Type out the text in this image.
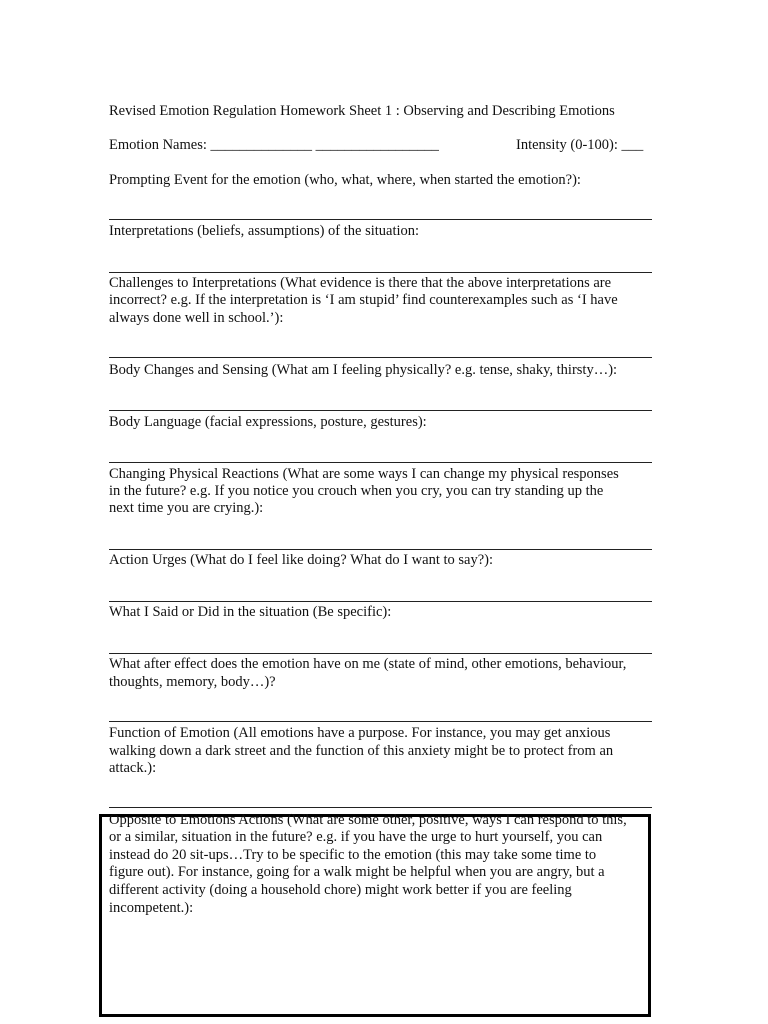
Revised Emotion Regulation Homework Sheet 1 : Observing and Describing Emotions
Emotion Names: ______________ _________________	Intensity (0-100): ___
Prompting Event for the emotion (who, what, where, when started the emotion?):
Interpretations (beliefs, assumptions) of the situation:
Challenges to Interpretations (What evidence is there that the above interpretations are
incorrect? e.g. If the interpretation is ‘I am stupid’ find counterexamples such as ‘I have
always done well in school.’):
Body Changes and Sensing (What am I feeling physically? e.g. tense, shaky, thirsty…):
Body Language (facial expressions, posture, gestures):
Changing Physical Reactions (What are some ways I can change my physical responses
in the future? e.g. If you notice you crouch when you cry, you can try standing up the
next time you are crying.):
Action Urges (What do I feel like doing? What do I want to say?):
What I Said or Did in the situation (Be specific):
What after effect does the emotion have on me (state of mind, other emotions, behaviour,
thoughts, memory, body…)?
Function of Emotion (All emotions have a purpose. For instance, you may get anxious
walking down a dark street and the function of this anxiety might be to protect from an
attack.):
Opposite to Emotions Actions (What are some other, positive, ways I can respond to this,
or a similar, situation in the future? e.g. if you have the urge to hurt yourself, you can
instead do 20 sit-ups…Try to be specific to the emotion (this may take some time to
figure out). For instance, going for a walk might be helpful when you are angry, but a
different activity (doing a household chore) might work better if you are feeling
incompetent.):
